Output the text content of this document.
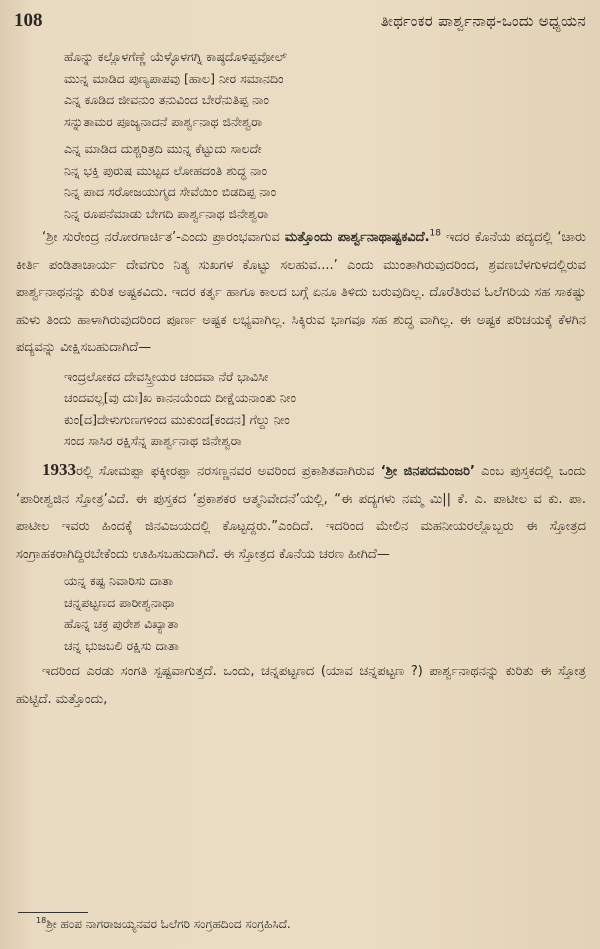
108	ತೀರ್ಥಂಕರ ಪಾರ್ಶ್ವನಾಥ-ಒಂದು ಅಧ್ಯಯನ
ಹೊನ್ನು ಕಲ್ಲೊಳಗೆಣ್ಣೆ ಯೆಳ್ಳೊಳಗಗ್ನಿ ಕಾಷ್ಠದೊಳಿಪ್ಪವೋಲ್
ಮುನ್ನ ಮಾಡಿದ ಪುಣ್ಯಪಾಪವು [ಹಾಲ] ನೀರ ಸಮಾನದಿಂ
ಎನ್ನ ಕೂಡಿದ ಜೀವನುಂ ತನುವಿಂದ ಬೇರೆನುತಿಪ್ಪ ನಾಂ
ಸನ್ನುತಾಮರ ಪೂಜ್ಯನಾದನೆ ಪಾರ್ಶ್ವನಾಥ ಜಿನೇಶ್ವರಾ
ಎನ್ನ ಮಾಡಿದ ದುಶ್ಚರಿತ್ರದಿ ಮುನ್ನ ಕೆಟ್ಟುದು ಸಾಲದೇ
ನಿನ್ನ ಭಕ್ತಿ ಪುರುಷ ಮುಟ್ಟದ ಲೋಹದಂತಿ ಶುದ್ಧ ನಾಂ
ನಿನ್ನ ಪಾದ ಸರೋಜಯುಗ್ಮದ ಸೇವೆಯಿಂ ಬಿಡದಿಪ್ಪ ನಾಂ
ನಿನ್ನ ರೂಪನೆಮಾಡು ಬೇಗದಿ ಪಾರ್ಶ್ವನಾಥ ಜಿನೇಶ್ವರಾ

‘ಶ್ರೀ ಸುರೇಂದ್ರ ನರೋರಗಾರ್ಚಿತ’-ಎಂದು ಪ್ರಾರಂಭವಾಗುವ ಮತ್ತೊಂದು ಪಾರ್ಶ್ವನಾಥಾಷ್ಟಕವಿದೆ.$^{18}$ ಇದರ ಕೊನೆಯ ಪದ್ಯದಲ್ಲಿ ‘ಚಾರು ಕೀರ್ತಿ ಪಂಡಿತಾಚಾರ್ಯ ದೇವಗುಂ ನಿತ್ಯ ಸುಖಗಳ ಕೊಟ್ಟು ಸಲಹುವ....’ ಎಂದು ಮುಂತಾಗಿರುವುದರಿಂದ, ಶ್ರವಣಬೆಳಗುಳದಲ್ಲಿರುವ ಪಾರ್ಶ್ವನಾಥನನ್ನು ಕುರಿತ ಅಷ್ಟಕವಿದು. ಇದರ ಕರ್ತೃ ಹಾಗೂ ಕಾಲದ ಬಗ್ಗೆ ಏನೂ ತಿಳಿದು ಬರುವುದಿಲ್ಲ. ದೊರೆತಿರುವ ಓಲೆಗರಿಯ ಸಹ ಸಾಕಷ್ಟು ಹುಳು ತಿಂದು ಹಾಳಾಗಿರುವುದರಿಂದ ಪೂರ್ಣ ಅಷ್ಟಕ ಲಭ್ಯವಾಗಿಲ್ಲ. ಸಿಕ್ಕಿರುವ ಭಾಗವೂ ಸಹ ಶುದ್ಧ ವಾಗಿಲ್ಲ. ಈ ಅಷ್ಟಕ ಪರಿಚಯಕ್ಕೆ ಕೆಳಗಿನ ಪದ್ಯವನ್ನು ವೀಕ್ಷಿಸಬಹುದಾಗಿದೆ—

ಇಂದ್ರಲೋಕದ ದೇವಸ್ತ್ರೀಯರ ಚಂದವಾ ನೆರೆ ಭಾವಿಸೀ
ಚಂದವಲ್ಲ[ವು ದುಃ]ಖ ಕಾನನಯೆಂದು ದೀಕ್ಷೆಯನಾಂತು ನೀಂ
ಕುಂ[ದ]ದೇಳುಗುಣಗಳಿಂದ ಮುಕುಂದ[ಕಂದನ] ಗೆಲ್ದು ನೀಂ
ಸಂದ ಸಾಸಿರ ರಕ್ಷಿಸೆನ್ನ ಪಾರ್ಶ್ವನಾಥ ಜಿನೇಶ್ವರಾ

1933ರಲ್ಲಿ ಸೋಮಪ್ಪಾ ಫಕ್ಕೀರಪ್ಪಾ ನರಸಣ್ಣನವರ ಅವರಿಂದ ಪ್ರಕಾಶಿತವಾಗಿರುವ ‘ಶ್ರೀ ಜಿನಪದಮಂಜರಿ’ ಎಂಬ ಪುಸ್ತಕದಲ್ಲಿ ಒಂದು ‘ಪಾರೀಶ್ವಜಿನ ಸ್ತೋತ್ರ’ವಿದೆ. ಈ ಪುಸ್ತಕದ ‘ಪ್ರಕಾಶಕರ ಆತ್ಮನಿವೇದನೆ’ಯಲ್ಲಿ, “ಈ ಪದ್ಯಗಳು ನಮ್ಮ ಮಿ|| ಕೆ. ಎ. ಪಾಟೀಲ ವ ಕು. ಪಾ. ಪಾಟೀಲ ಇವರು ಹಿಂದಕ್ಕೆ ಜಿನವಿಜಯದಲ್ಲಿ ಕೊಟ್ಟದ್ದರು.”ಎಂದಿದೆ. ಇದರಿಂದ ಮೇಲಿನ ಮಹನೀಯರಲ್ಲೊಬ್ಬರು ಈ ಸ್ತೋತ್ರದ ಸಂಗ್ರಾಹಕರಾಗಿದ್ದಿರಬೇಕೆಂದು ಊಹಿಸಬಹುದಾಗಿದೆ. ಈ ಸ್ತೋತ್ರದ ಕೊನೆಯ ಚರಣ ಹೀಗಿದೆ—

ಯನ್ನ ಕಷ್ಟ ನಿವಾರಿಸು ದಾತಾ
ಚನ್ನಪಟ್ಟಣದ ಪಾರೀಶ್ವನಾಥಾ
ಹೊನ್ನ ಚಕ್ರ ಪುರೇಶ ವಿಖ್ಯಾತಾ
ಚನ್ನ ಭುಜಬಲಿ ರಕ್ಷಿಸು ದಾತಾ

ಇದರಿಂದ ಎರಡು ಸಂಗತಿ ಸ್ಪಷ್ಟವಾಗುತ್ತದೆ. ಒಂದು, ಚನ್ನಪಟ್ಟಣದ (ಯಾವ ಚನ್ನಪಟ್ಟಣ ?) ಪಾರ್ಶ್ವನಾಥನನ್ನು ಕುರಿತು ಈ ಸ್ತೋತ್ರ ಹುಟ್ಟಿದೆ. ಮತ್ತೊಂದು,

$^{18}$ಶ್ರೀ ಹಂಪ ನಾಗರಾಜಯ್ಯನವರ ಓಲೆಗರಿ ಸಂಗ್ರಹದಿಂದ ಸಂಗ್ರಹಿಸಿದೆ.
